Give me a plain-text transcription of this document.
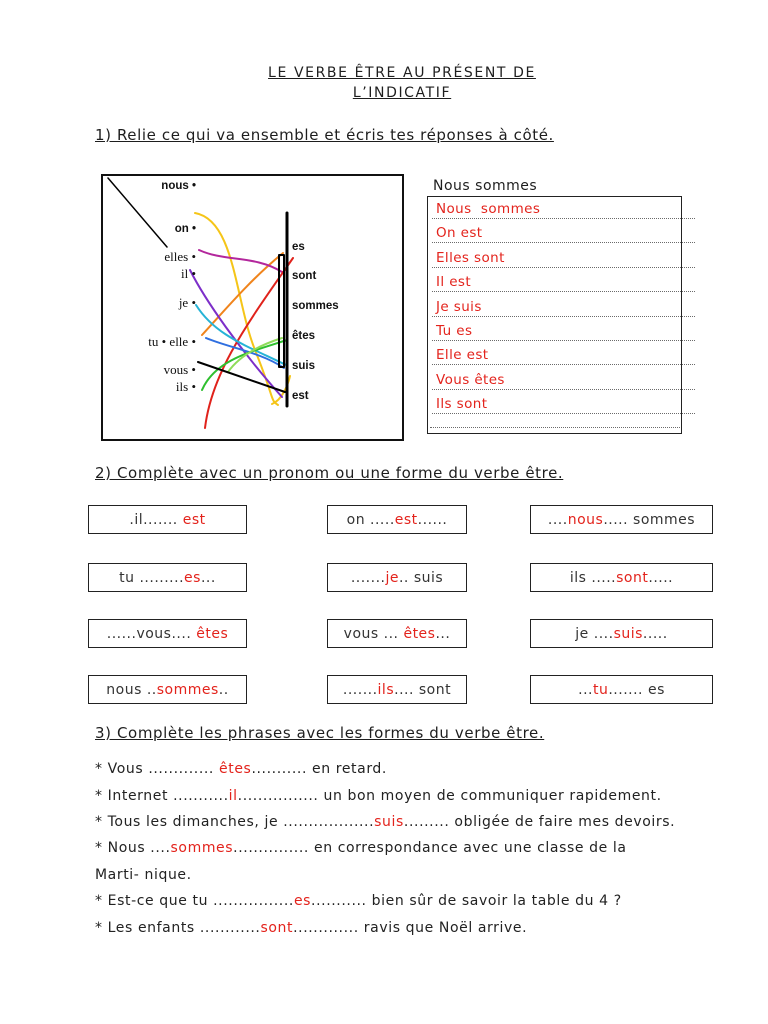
LE VERBE ÊTRE AU PRÉSENT DE
L’INDICATIF
1) Relie ce qui va ensemble et écris tes réponses à côté.
nous •
on •
elles •
il •
je •
tu • elle •
vous •
ils •
es
sont
sommes
êtes
suis
est
Nous sommes
Nous  sommes
On est
Elles sont
Il est
Je suis
Tu es
Elle est
Vous êtes
Ils sont
2) Complète avec un pronom ou une forme du verbe être.
.il....... est	on ..... est ......	.... nous ..... sommes
tu ......... es ...	....... je .. suis	ils ..... sont .....
......vous.... êtes	vous ... êtes ...	je .... suis .....
nous .. sommes ..	....... ils .... sont	... tu ....... es
3) Complète les phrases avec les formes du verbe être.
* Vous ............. êtes........... en retard.
* Internet ...........il................ un bon moyen de communiquer rapidement.
* Tous les dimanches, je ..................suis......... obligée de faire mes devoirs.
* Nous ....sommes............... en correspondance avec une classe de la
Marti- nique.
* Est-ce que tu ................es........... bien sûr de savoir la table du 4 ?
* Les enfants ............sont............. ravis que Noël arrive.
